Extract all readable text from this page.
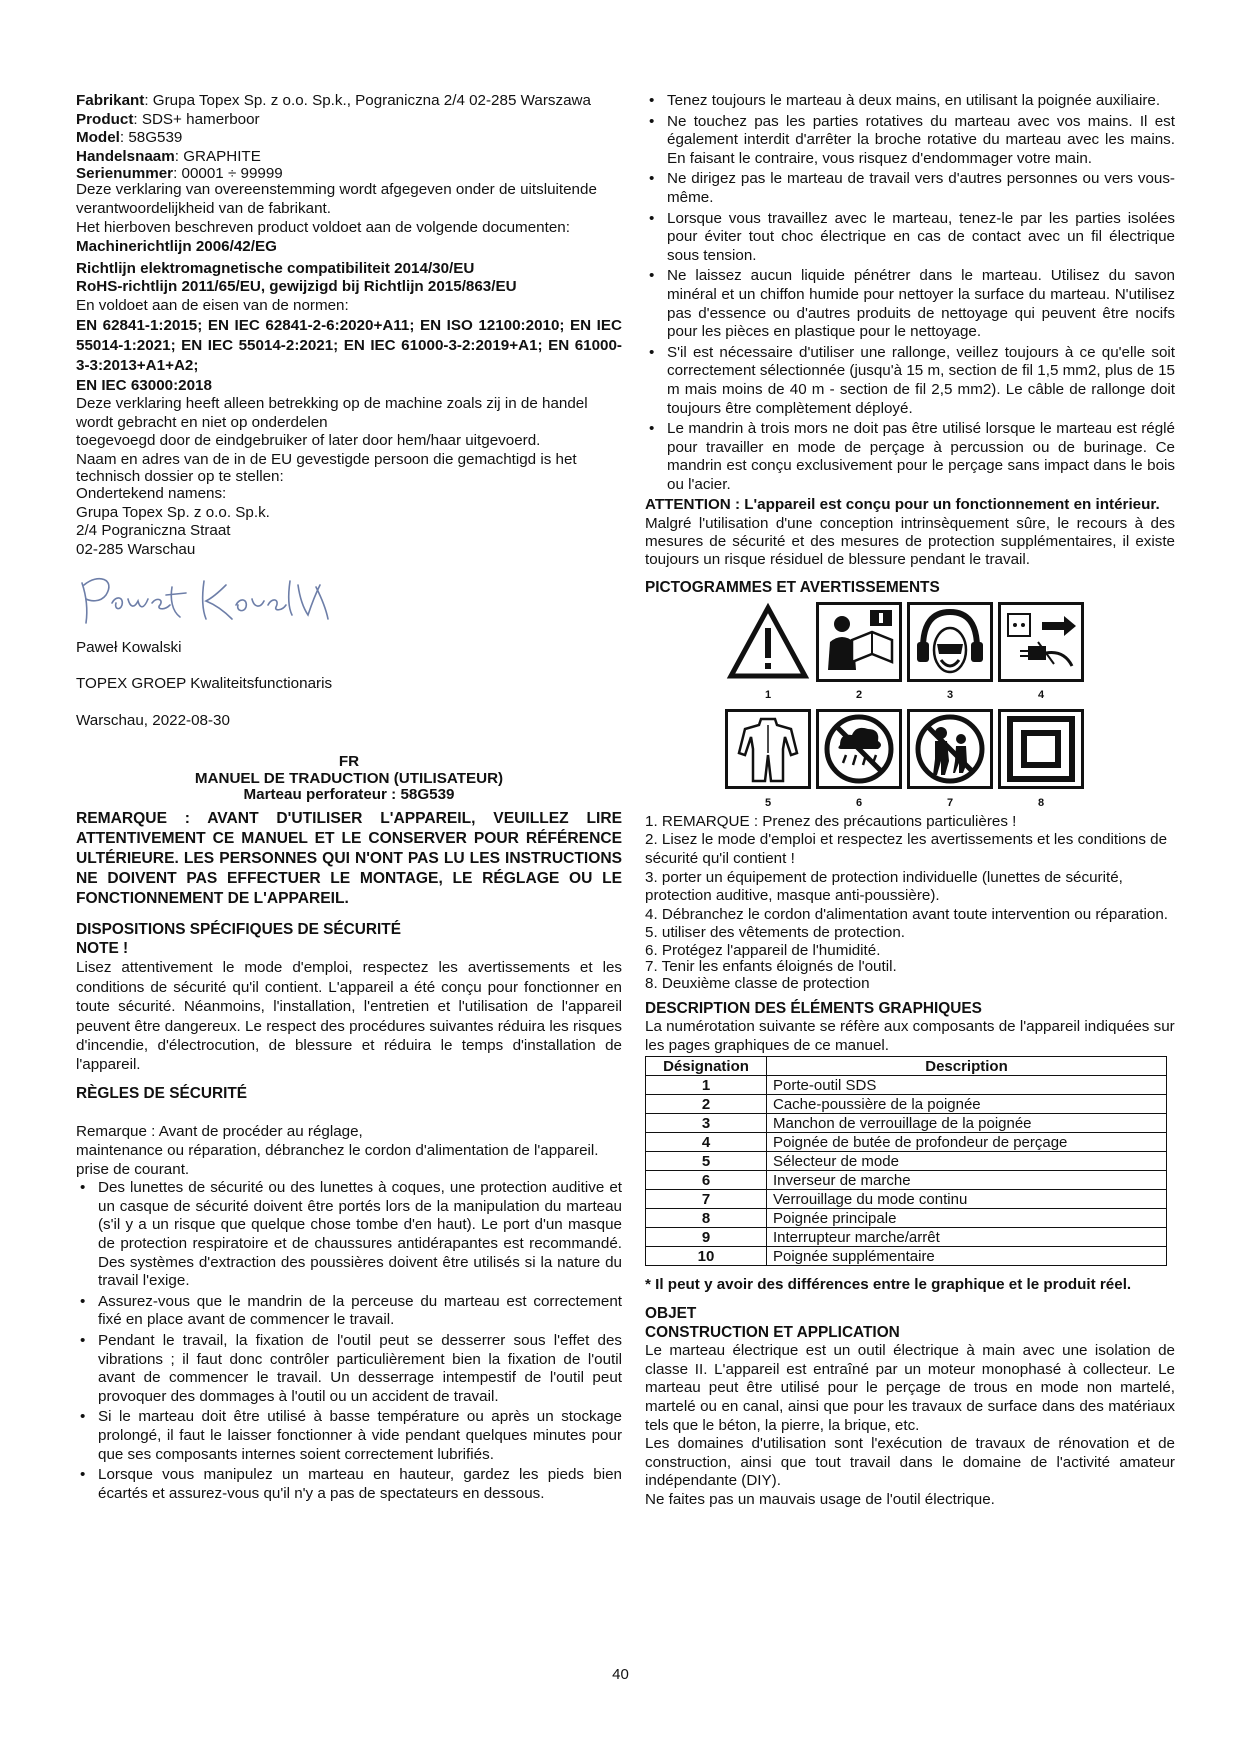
Fabrikant: Grupa Topex Sp. z o.o. Sp.k., Pograniczna 2/4 02-285 Warszawa

Product: SDS+ hamerboor

Model: 58G539

Handelsnaam: GRAPHITE

Serienummer: 00001 ÷ 99999

Deze verklaring van overeenstemming wordt afgegeven onder de uitsluitende verantwoordelijkheid van de fabrikant.

Het hierboven beschreven product voldoet aan de volgende documenten:

Machinerichtlijn 2006/42/EG

Richtlijn elektromagnetische compatibiliteit 2014/30/EU

RoHS-richtlijn 2011/65/EU, gewijzigd bij Richtlijn 2015/863/EU

En voldoet aan de eisen van de normen:

EN 62841-1:2015; EN IEC 62841-2-6:2020+A11; EN ISO 12100:2010; EN IEC 55014-1:2021; EN IEC 55014-2:2021; EN IEC 61000-3-2:2019+A1; EN 61000-3-3:2013+A1+A2;

EN IEC 63000:2018

Deze verklaring heeft alleen betrekking op de machine zoals zij in de handel wordt gebracht en niet op onderdelen

toegevoegd door de eindgebruiker of later door hem/haar uitgevoerd.

Naam en adres van de in de EU gevestigde persoon die gemachtigd is het technisch dossier op te stellen:

Ondertekend namens:

Grupa Topex Sp. z o.o. Sp.k.

2/4 Pograniczna Straat

02-285 Warschau

Paweł Kowalski

TOPEX GROEP Kwaliteitsfunctionaris

Warschau, 2022-08-30

FR

MANUEL DE TRADUCTION (UTILISATEUR)

Marteau perforateur : 58G539

REMARQUE : AVANT D'UTILISER L'APPAREIL, VEUILLEZ LIRE ATTENTIVEMENT CE MANUEL ET LE CONSERVER POUR RÉFÉRENCE ULTÉRIEURE. LES PERSONNES QUI N'ONT PAS LU LES INSTRUCTIONS NE DOIVENT PAS EFFECTUER LE MONTAGE, LE RÉGLAGE OU LE FONCTIONNEMENT DE L'APPAREIL.

DISPOSITIONS SPÉCIFIQUES DE SÉCURITÉ

NOTE !

Lisez attentivement le mode d'emploi, respectez les avertissements et les conditions de sécurité qu'il contient. L'appareil a été conçu pour fonctionner en toute sécurité. Néanmoins, l'installation, l'entretien et l'utilisation de l'appareil peuvent être dangereux. Le respect des procédures suivantes réduira les risques d'incendie, d'électrocution, de blessure et réduira le temps d'installation de l'appareil.

RÈGLES DE SÉCURITÉ

Remarque : Avant de procéder au réglage,

maintenance ou réparation, débranchez le cordon d'alimentation de l'appareil.

prise de courant.

• Des lunettes de sécurité ou des lunettes à coques, une protection auditive et un casque de sécurité doivent être portés lors de la manipulation du marteau (s'il y a un risque que quelque chose tombe d'en haut). Le port d'un masque de protection respiratoire et de chaussures antidérapantes est recommandé. Des systèmes d'extraction des poussières doivent être utilisés si la nature du travail l'exige.
• Assurez-vous que le mandrin de la perceuse du marteau est correctement fixé en place avant de commencer le travail.
• Pendant le travail, la fixation de l'outil peut se desserrer sous l'effet des vibrations ; il faut donc contrôler particulièrement bien la fixation de l'outil avant de commencer le travail. Un desserrage intempestif de l'outil peut provoquer des dommages à l'outil ou un accident de travail.
• Si le marteau doit être utilisé à basse température ou après un stockage prolongé, il faut le laisser fonctionner à vide pendant quelques minutes pour que ses composants internes soient correctement lubrifiés.
• Lorsque vous manipulez un marteau en hauteur, gardez les pieds bien écartés et assurez-vous qu'il n'y a pas de spectateurs en dessous.
• Tenez toujours le marteau à deux mains, en utilisant la poignée auxiliaire.
• Ne touchez pas les parties rotatives du marteau avec vos mains. Il est également interdit d'arrêter la broche rotative du marteau avec les mains. En faisant le contraire, vous risquez d'endommager votre main.
• Ne dirigez pas le marteau de travail vers d'autres personnes ou vers vous-même.
• Lorsque vous travaillez avec le marteau, tenez-le par les parties isolées pour éviter tout choc électrique en cas de contact avec un fil électrique sous tension.
• Ne laissez aucun liquide pénétrer dans le marteau. Utilisez du savon minéral et un chiffon humide pour nettoyer la surface du marteau. N'utilisez pas d'essence ou d'autres produits de nettoyage qui peuvent être nocifs pour les pièces en plastique pour le nettoyage.
• S'il est nécessaire d'utiliser une rallonge, veillez toujours à ce qu'elle soit correctement sélectionnée (jusqu'à 15 m, section de fil 1,5 mm2, plus de 15 m mais moins de 40 m - section de fil 2,5 mm2). Le câble de rallonge doit toujours être complètement déployé.
• Le mandrin à trois mors ne doit pas être utilisé lorsque le marteau est réglé pour travailler en mode de perçage à percussion ou de burinage. Ce mandrin est conçu exclusivement pour le perçage sans impact dans le bois ou l'acier.

ATTENTION : L'appareil est conçu pour un fonctionnement en intérieur.

Malgré l'utilisation d'une conception intrinsèquement sûre, le recours à des mesures de sécurité et des mesures de protection supplémentaires, il existe toujours un risque résiduel de blessure pendant le travail.

PICTOGRAMMES ET AVERTISSEMENTS

1	2	3	4
5	6	7	8

1. REMARQUE : Prenez des précautions particulières !

2. Lisez le mode d'emploi et respectez les avertissements et les conditions de sécurité qu'il contient !

3. porter un équipement de protection individuelle (lunettes de sécurité, protection auditive, masque anti-poussière).

4. Débranchez le cordon d'alimentation avant toute intervention ou réparation.

5. utiliser des vêtements de protection.

6. Protégez l'appareil de l'humidité.

7. Tenir les enfants éloignés de l'outil.

8. Deuxième classe de protection

DESCRIPTION DES ÉLÉMENTS GRAPHIQUES

La numérotation suivante se réfère aux composants de l'appareil indiquées sur les pages graphiques de ce manuel.

Désignation	Description
1	Porte-outil SDS
2	Cache-poussière de la poignée
3	Manchon de verrouillage de la poignée
4	Poignée de butée de profondeur de perçage
5	Sélecteur de mode
6	Inverseur de marche
7	Verrouillage du mode continu
8	Poignée principale
9	Interrupteur marche/arrêt
10	Poignée supplémentaire

* Il peut y avoir des différences entre le graphique et le produit réel.

OBJET

CONSTRUCTION ET APPLICATION

Le marteau électrique est un outil électrique à main avec une isolation de classe II. L'appareil est entraîné par un moteur monophasé à collecteur. Le marteau peut être utilisé pour le perçage de trous en mode non martelé, martelé ou en canal, ainsi que pour les travaux de surface dans des matériaux tels que le béton, la pierre, la brique, etc.

Les domaines d'utilisation sont l'exécution de travaux de rénovation et de construction, ainsi que tout travail dans le domaine de l'activité amateur indépendante (DIY).

Ne faites pas un mauvais usage de l'outil électrique.

40
